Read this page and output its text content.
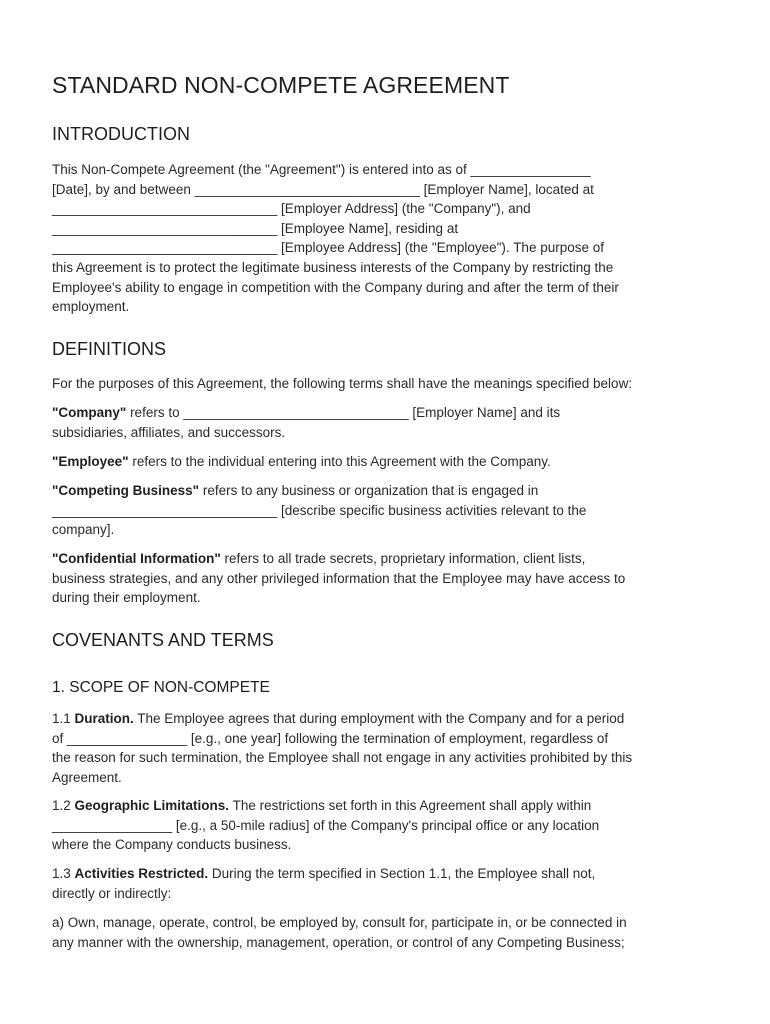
STANDARD NON-COMPETE AGREEMENT
INTRODUCTION
This Non-Compete Agreement (the "Agreement") is entered into as of ________________
[Date], by and between ______________________________ [Employer Name], located at
______________________________ [Employer Address] (the "Company"), and
______________________________ [Employee Name], residing at
______________________________ [Employee Address] (the "Employee"). The purpose of
this Agreement is to protect the legitimate business interests of the Company by restricting the
Employee's ability to engage in competition with the Company during and after the term of their
employment.
DEFINITIONS
For the purposes of this Agreement, the following terms shall have the meanings specified below:
"Company" refers to ______________________________ [Employer Name] and its
subsidiaries, affiliates, and successors.
"Employee" refers to the individual entering into this Agreement with the Company.
"Competing Business" refers to any business or organization that is engaged in
______________________________ [describe specific business activities relevant to the
company].
"Confidential Information" refers to all trade secrets, proprietary information, client lists,
business strategies, and any other privileged information that the Employee may have access to
during their employment.
COVENANTS AND TERMS
1. SCOPE OF NON-COMPETE
1.1 Duration. The Employee agrees that during employment with the Company and for a period
of ________________ [e.g., one year] following the termination of employment, regardless of
the reason for such termination, the Employee shall not engage in any activities prohibited by this
Agreement.
1.2 Geographic Limitations. The restrictions set forth in this Agreement shall apply within
________________ [e.g., a 50-mile radius] of the Company's principal office or any location
where the Company conducts business.
1.3 Activities Restricted. During the term specified in Section 1.1, the Employee shall not,
directly or indirectly:
a) Own, manage, operate, control, be employed by, consult for, participate in, or be connected in
any manner with the ownership, management, operation, or control of any Competing Business;
